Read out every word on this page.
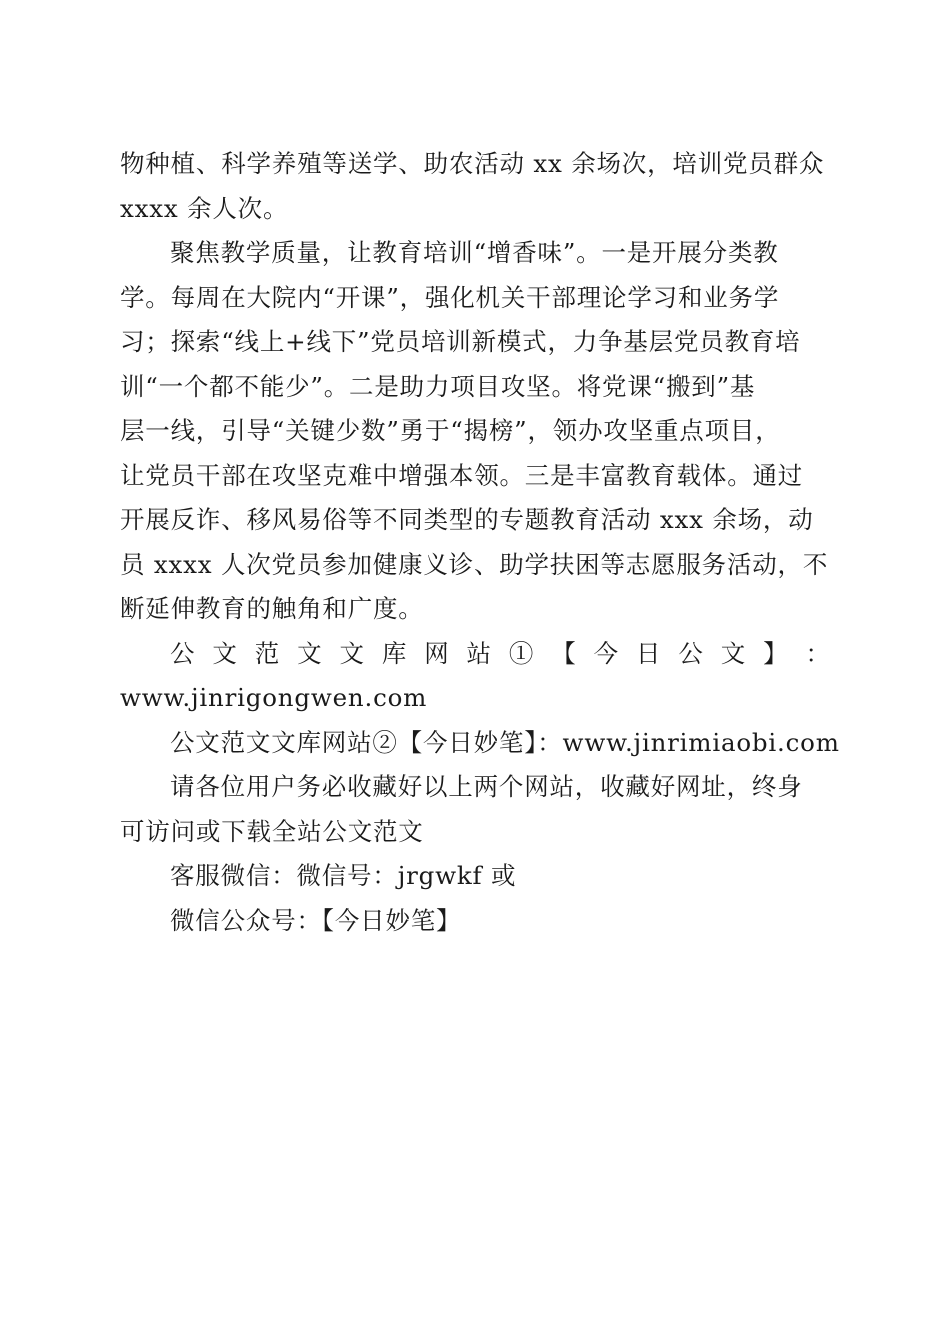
物种植、科学养殖等送学、助农活动 xx 余场次，培训党员群众
xxxx 余人次。
聚焦教学质量，让教育培训“增香味”。一是开展分类教
学。每周在大院内“开课”，强化机关干部理论学习和业务学
习；探索“线上+线下”党员培训新模式，力争基层党员教育培
训“一个都不能少”。二是助力项目攻坚。将党课“搬到”基
层一线，引导“关键少数”勇于“揭榜”，领办攻坚重点项目，
让党员干部在攻坚克难中增强本领。三是丰富教育载体。通过
开展反诈、移风易俗等不同类型的专题教育活动 xxx 余场，动
员 xxxx 人次党员参加健康义诊、助学扶困等志愿服务活动，不
断延伸教育的触角和广度。
公 文 范 文 文 库 网 站 ① 【 今 日 公 文 】 ：
www.jinrigongwen.com
公文范文文库网站②【今日妙笔】：www.jinrimiaobi.com
请各位用户务必收藏好以上两个网站，收藏好网址，终身
可访问或下载全站公文范文
客服微信：微信号：jrgwkf 或
微信公众号：【今日妙笔】
